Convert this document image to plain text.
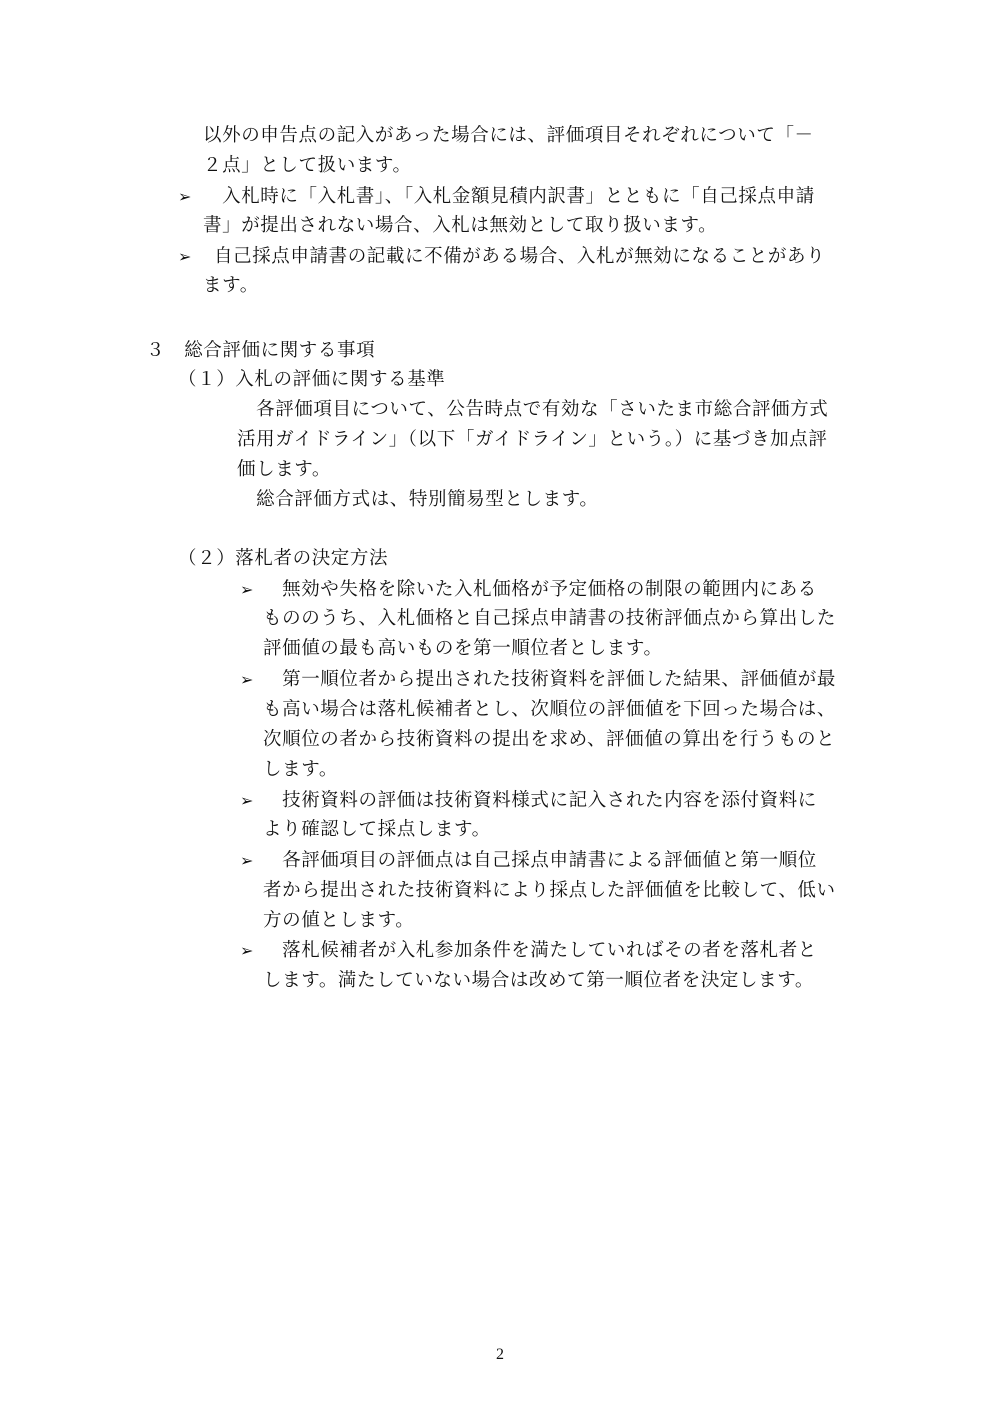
以外の申告点の記入があった場合には、評価項目それぞれについて「－
２点」として扱います。
➢ 　入札時に「入札書」、「入札金額見積内訳書」とともに「自己採点申請
書」が提出されない場合、入札は無効として取り扱います。
➢ 自己採点申請書の記載に不備がある場合、入札が無効になることがあり
ます。
３　総合評価に関する事項
（１）入札の評価に関する基準
　各評価項目について、公告時点で有効な「さいたま市総合評価方式
活用ガイドライン」（以下「ガイドライン」という。）に基づき加点評
価します。
　総合評価方式は、特別簡易型とします。
（２）落札者の決定方法
➢ 　無効や失格を除いた入札価格が予定価格の制限の範囲内にある
もののうち、入札価格と自己採点申請書の技術評価点から算出した
評価値の最も高いものを第一順位者とします。
➢ 　第一順位者から提出された技術資料を評価した結果、評価値が最
も高い場合は落札候補者とし、次順位の評価値を下回った場合は、
次順位の者から技術資料の提出を求め、評価値の算出を行うものと
します。
➢ 　技術資料の評価は技術資料様式に記入された内容を添付資料に
より確認して採点します。
➢ 　各評価項目の評価点は自己採点申請書による評価値と第一順位
者から提出された技術資料により採点した評価値を比較して、低い
方の値とします。
➢ 　落札候補者が入札参加条件を満たしていればその者を落札者と
します。満たしていない場合は改めて第一順位者を決定します。
2
